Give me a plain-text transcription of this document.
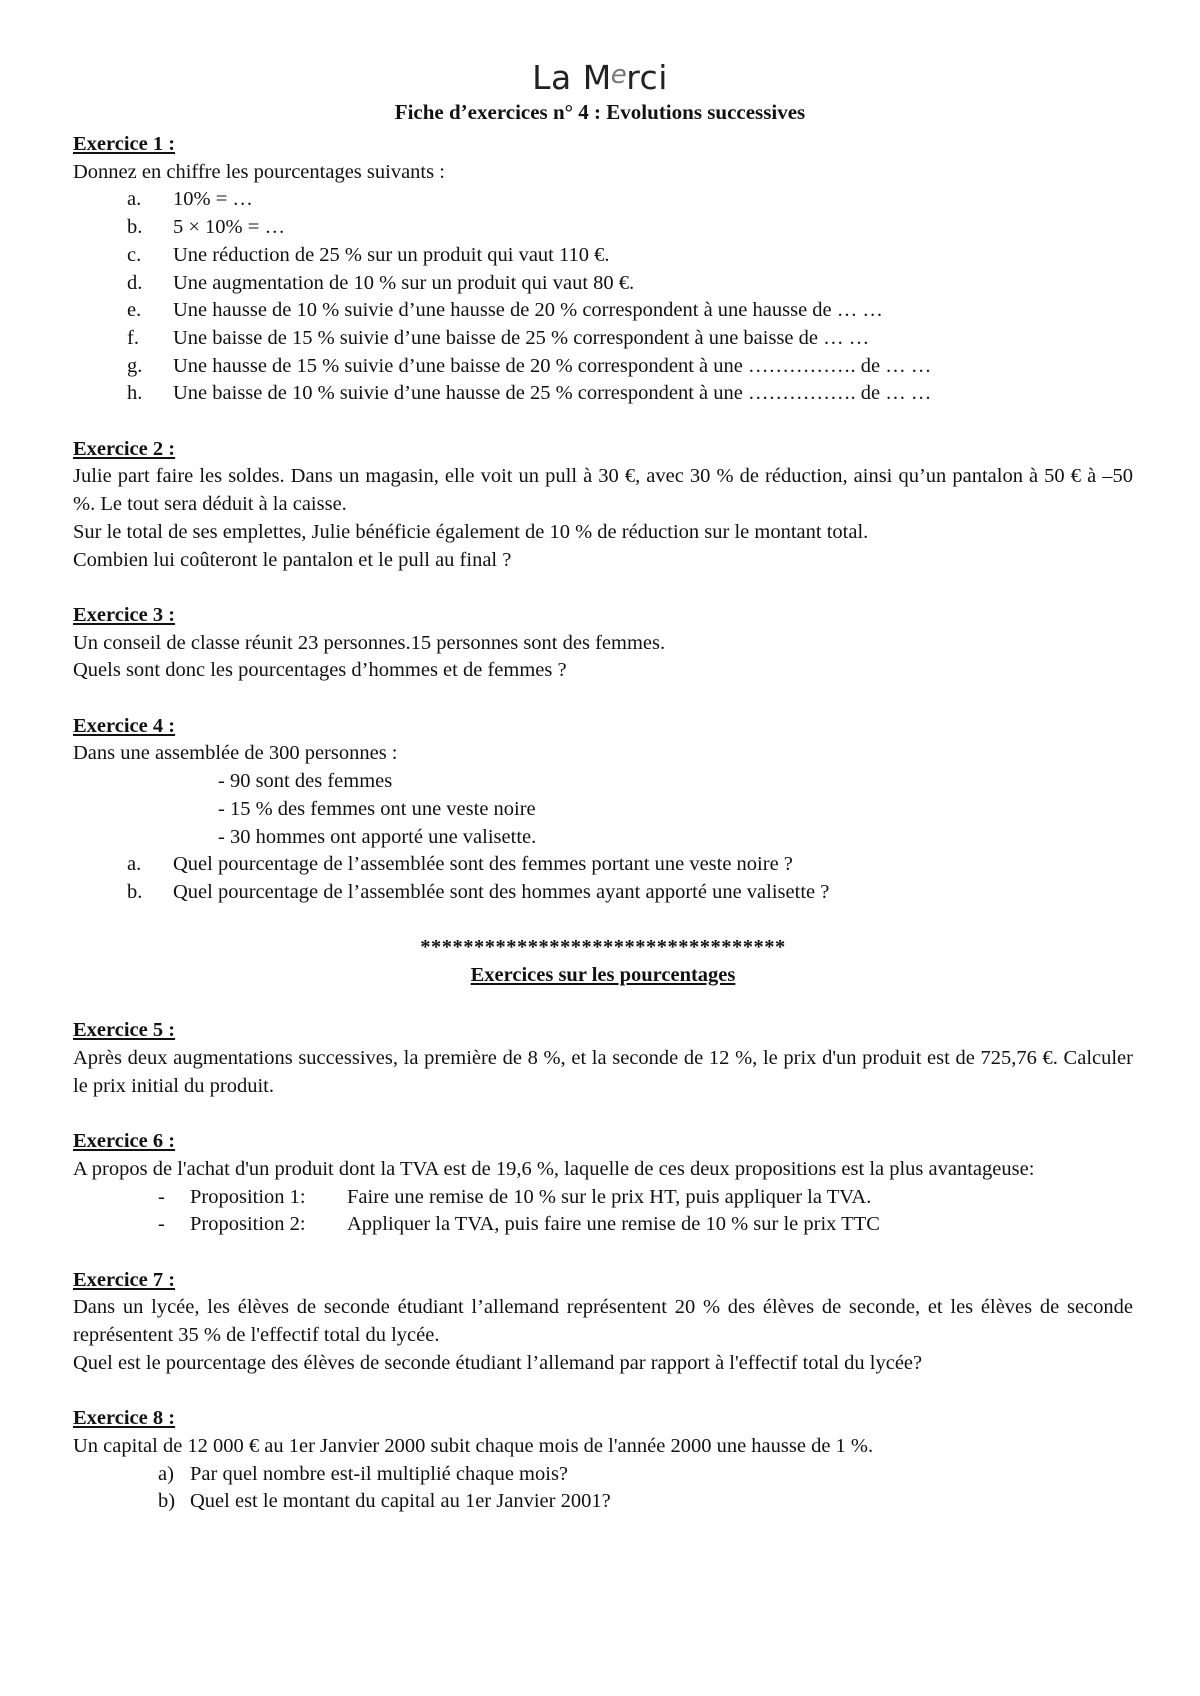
La Merci
Fiche d’exercices n° 4 : Evolutions successives
Exercice 1 :
Donnez en chiffre les pourcentages suivants :
a.	10% = …
b.	5 × 10% = …
c.	Une réduction de 25 % sur un produit qui vaut 110 €.
d.	Une augmentation de 10 % sur un produit qui vaut 80 €.
e.	Une hausse de 10 % suivie d’une hausse de 20 % correspondent à une hausse de … …
f.	Une baisse de 15 % suivie d’une baisse de 25 % correspondent à une baisse de … …
g.	Une hausse de 15 % suivie d’une baisse de 20 % correspondent à une ……………. de … …
h.	Une baisse de 10 % suivie d’une hausse de 25 % correspondent à une ……………. de … …
Exercice 2 :
Julie part faire les soldes. Dans un magasin, elle voit un pull à 30 €, avec 30 % de réduction, ainsi qu’un pantalon à 50 € à –50 %. Le tout sera déduit à la caisse.
Sur le total de ses emplettes, Julie bénéficie également de 10 % de réduction sur le montant total.
Combien lui coûteront le pantalon et le pull au final ?
Exercice 3 :
Un conseil de classe réunit 23 personnes.15 personnes sont des femmes.
Quels sont donc les pourcentages d’hommes et de femmes ?
Exercice 4 :
Dans une assemblée de 300 personnes :
- 90 sont des femmes
- 15 % des femmes ont une veste noire
- 30 hommes ont apporté une valisette.
a.	Quel pourcentage de l’assemblée sont des femmes portant une veste noire ?
b.	Quel pourcentage de l’assemblée sont des hommes ayant apporté une valisette ?
**********************************
Exercices sur les pourcentages
Exercice 5 :
Après deux augmentations successives, la première de 8 %, et la seconde de 12 %, le prix d'un produit est de 725,76 €. Calculer le prix initial du produit.
Exercice 6 :
A propos de l'achat d'un produit dont la TVA est de 19,6 %, laquelle de ces deux propositions est la plus avantageuse:
-	Proposition 1:	Faire une remise de 10 % sur le prix HT, puis appliquer la TVA.
-	Proposition 2:	Appliquer la TVA, puis faire une remise de 10 % sur le prix TTC
Exercice 7 :
Dans un lycée, les élèves de seconde étudiant l’allemand représentent 20 % des élèves de seconde, et les élèves de seconde représentent 35 % de l'effectif total du lycée.
Quel est le pourcentage des élèves de seconde étudiant l’allemand par rapport à l'effectif total du lycée?
Exercice 8 :
Un capital de 12 000 € au 1er Janvier 2000 subit chaque mois de l'année 2000 une hausse de 1 %.
a) Par quel nombre est-il multiplié chaque mois?
b) Quel est le montant du capital au 1er Janvier 2001?
